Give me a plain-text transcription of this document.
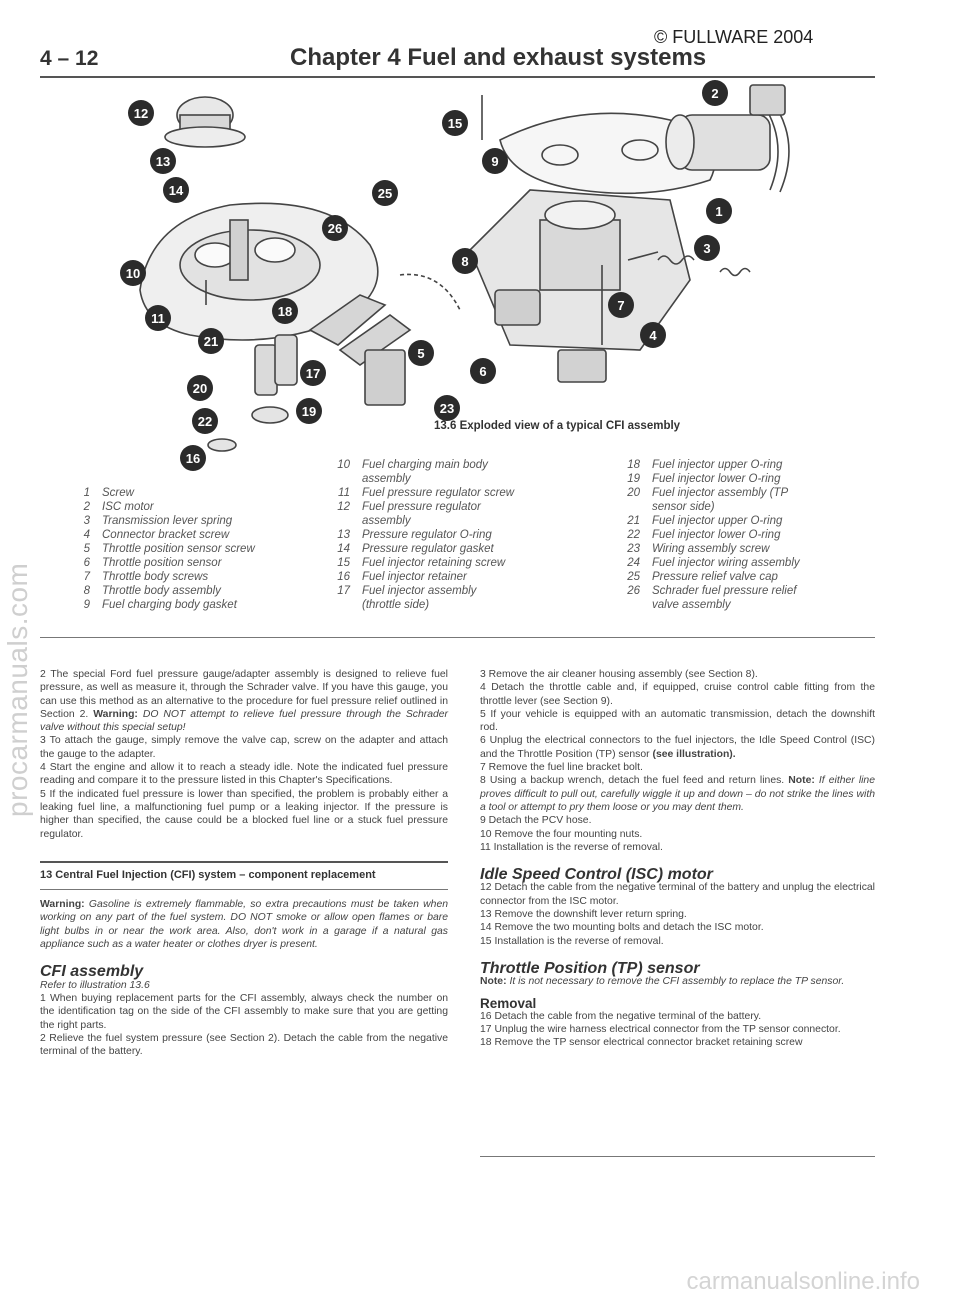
procarmanuals.com
carmanualsonline.info
© FULLWARE 2004
4 – 12	Chapter 4 Fuel and exhaust systems
12
13
14	25
26
10
11
21
18
20
17
22
19
16
15
9
2
8
1
3
5
7
4
6
23
13.6 Exploded view of a typical CFI assembly
1 Screw
2 ISC motor
3 Transmission lever spring
4 Connector bracket screw
5 Throttle position sensor screw
6 Throttle position sensor
7 Throttle body screws
8 Throttle body assembly
9 Fuel charging body gasket
10 Fuel charging main body assembly
11 Fuel pressure regulator screw
12 Fuel pressure regulator assembly
13 Pressure regulator O-ring
14 Pressure regulator gasket
15 Fuel injector retaining screw
16 Fuel injector retainer
17 Fuel injector assembly (throttle side)
18 Fuel injector upper O-ring
19 Fuel injector lower O-ring
20 Fuel injector assembly (TP sensor side)
21 Fuel injector upper O-ring
22 Fuel injector lower O-ring
23 Wiring assembly screw
24 Fuel injector wiring assembly
25 Pressure relief valve cap
26 Schrader fuel pressure relief valve assembly

2 The special Ford fuel pressure gauge/adapter assembly is designed to relieve fuel pressure, as well as measure it, through the Schrader valve. If you have this gauge, you can use this method as an alternative to the procedure for fuel pressure relief outlined in Section 2. Warning: DO NOT attempt to relieve fuel pressure through the Schrader valve without this special setup!

3 To attach the gauge, simply remove the valve cap, screw on the adapter and attach the gauge to the adapter.

4 Start the engine and allow it to reach a steady idle. Note the indicated fuel pressure reading and compare it to the pressure listed in this Chapter's Specifications.

5 If the indicated fuel pressure is lower than specified, the problem is probably either a leaking fuel line, a malfunctioning fuel pump or a leaking injector. If the pressure is higher than specified, the cause could be a blocked fuel line or a stuck fuel pressure regulator.

13 Central Fuel Injection (CFI) system – component replacement

Warning: Gasoline is extremely flammable, so extra precautions must be taken when working on any part of the fuel system. DO NOT smoke or allow open flames or bare light bulbs in or near the work area. Also, don't work in a garage if a natural gas appliance such as a water heater or clothes dryer is present.

CFI assembly

Refer to illustration 13.6

1 When buying replacement parts for the CFI assembly, always check the number on the identification tag on the side of the CFI assembly to make sure that you are getting the right parts.

2 Relieve the fuel system pressure (see Section 2). Detach the cable from the negative terminal of the battery.

3 Remove the air cleaner housing assembly (see Section 8).

4 Detach the throttle cable and, if equipped, cruise control cable fitting from the throttle lever (see Section 9).

5 If your vehicle is equipped with an automatic transmission, detach the downshift rod.

6 Unplug the electrical connectors to the fuel injectors, the Idle Speed Control (ISC) and the Throttle Position (TP) sensor (see illustration).

7 Remove the fuel line bracket bolt.

8 Using a backup wrench, detach the fuel feed and return lines. Note: If either line proves difficult to pull out, carefully wiggle it up and down – do not strike the lines with a tool or attempt to pry them loose or you may dent them.

9 Detach the PCV hose.

10 Remove the four mounting nuts.

11 Installation is the reverse of removal.

Idle Speed Control (ISC) motor

12 Detach the cable from the negative terminal of the battery and unplug the electrical connector from the ISC motor.

13 Remove the downshift lever return spring.

14 Remove the two mounting bolts and detach the ISC motor.

15 Installation is the reverse of removal.

Throttle Position (TP) sensor

Note: It is not necessary to remove the CFI assembly to replace the TP sensor.

Removal

16 Detach the cable from the negative terminal of the battery.

17 Unplug the wire harness electrical connector from the TP sensor connector.

18 Remove the TP sensor electrical connector bracket retaining screw
